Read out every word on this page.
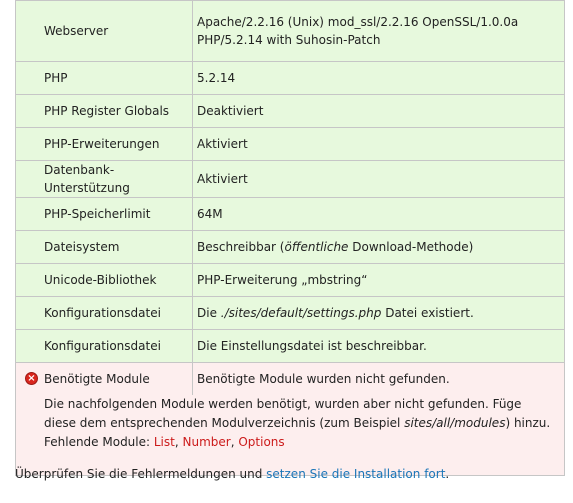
Webserver	Apache/2.2.16 (Unix) mod_ssl/2.2.16 OpenSSL/1.0.0a PHP/5.2.14 with Suhosin-Patch

PHP	5.2.14

PHP Register Globals	Deaktiviert

PHP-Erweiterungen	Aktiviert

Datenbank-Unterstützung	Aktiviert

PHP-Speicherlimit	64M

Dateisystem	Beschreibbar (öffentliche Download-Methode)

Unicode-Bibliothek	PHP-Erweiterung „mbstring“

Konfigurationsdatei	Die ./sites/default/settings.php Datei existiert.

Konfigurationsdatei	Die Einstellungsdatei ist beschreibbar.

× Benötigte Module	Benötigte Module wurden nicht gefunden.

Die nachfolgenden Module werden benötigt, wurden aber nicht gefunden. Füge diese dem entsprechenden Modulverzeichnis (zum Beispiel sites/all/modules) hinzu.
Fehlende Module: List, Number, Options	
Überprüfen Sie die Fehlermeldungen und setzen Sie die Installation fort.
